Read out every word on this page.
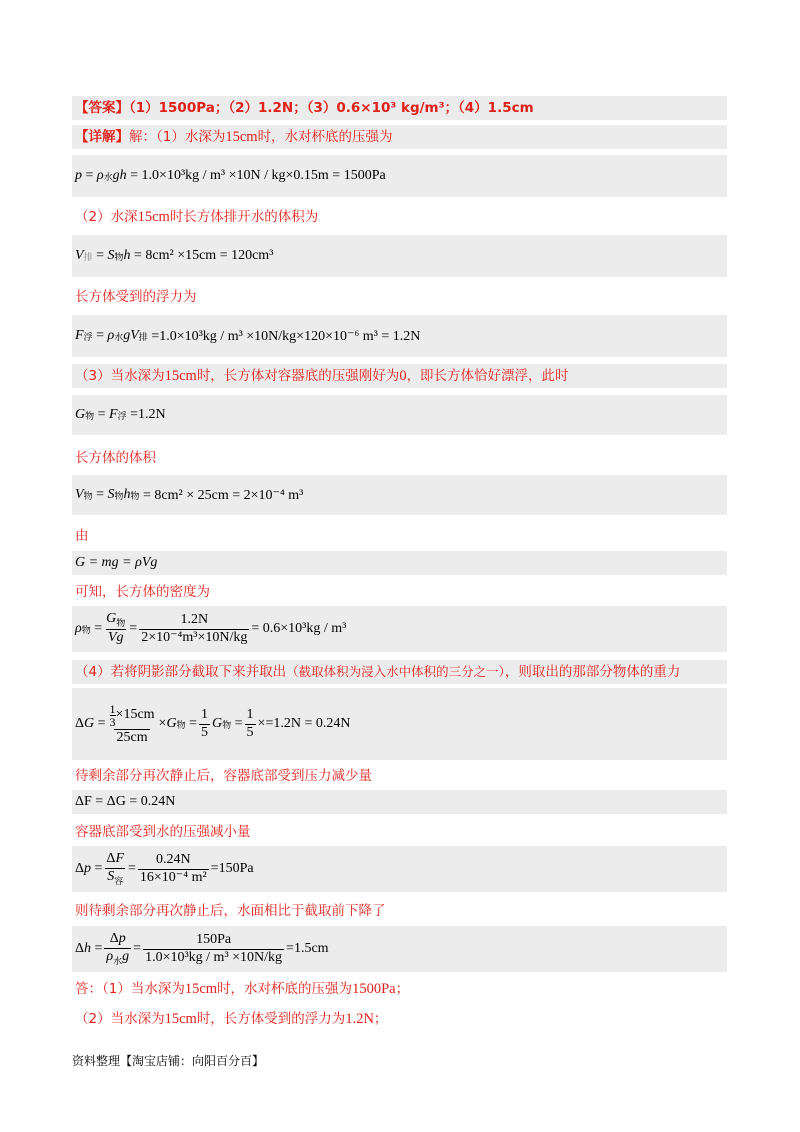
【答案】（1）1500Pa；（2）1.2N；（3）0.6×10³ kg/m³；（4）1.5cm
【详解】解：（1）水深为15cm时，水对杯底的压强为
p = ρ 水 gh
= 1.0×10³kg / m³ ×10N / kg×0.15m = 1500Pa
（2）水深15cm时长方体排开水的体积为
V 排 = S 物 h
= 8cm² ×15cm = 120cm³
长方体受到的浮力为
F 浮 = ρ 水 gV 排
=1.0×10³kg / m³ ×10N/kg×120×10⁻⁶ m³ = 1.2N
（3）当水深为15cm时，长方体对容器底的压强刚好为0，即长方体恰好漂浮，此时
G 物 = F 浮
=1.2N
长方体的体积
V 物 = S 物 h 物
= 8cm² × 25cm = 2×10⁻⁴ m³
由
G = mg = ρVg
可知，长方体的密度为
ρ 物 = $\frac{G_物}{Vg} = \frac{1.2N}{\text{2×10⁻⁴m³×10N/kg}} = 0.6\times 10^3kg / m^3$
（4）若将阴影部分截取下来并取出（截取体积为浸入水中体积的三分之一），则取出的那部分物体的重力
Δ $G = \frac{\frac{1}{3} \times 15cm}{25cm} \times G$ 物 = $\frac{1}{5}$ G 物 = $\frac{1}{5} \times =1.2N = 0.24N$
待剩余部分再次静止后，容器底部受到压力减少量
ΔF = ΔG = 0.24N
容器底部受到水的压强减小量
Δ $p = \frac{\Delta F}{S_容} = \frac{0.24N}{\text{16×10⁻⁴ m²}} =150Pa$
则待剩余部分再次静止后，水面相比于截取前下降了
Δ $h = \frac{\Delta p}{\rho_水g} = \frac{150Pa}{\text{1.0×10³kg / m³ ×10N/kg}} =1.5cm$
答：（1）当水深为15cm时，水对杯底的压强为1500Pa；
（2）当水深为15cm时，长方体受到的浮力为1.2N；
资料整理【淘宝店铺：向阳百分百】
